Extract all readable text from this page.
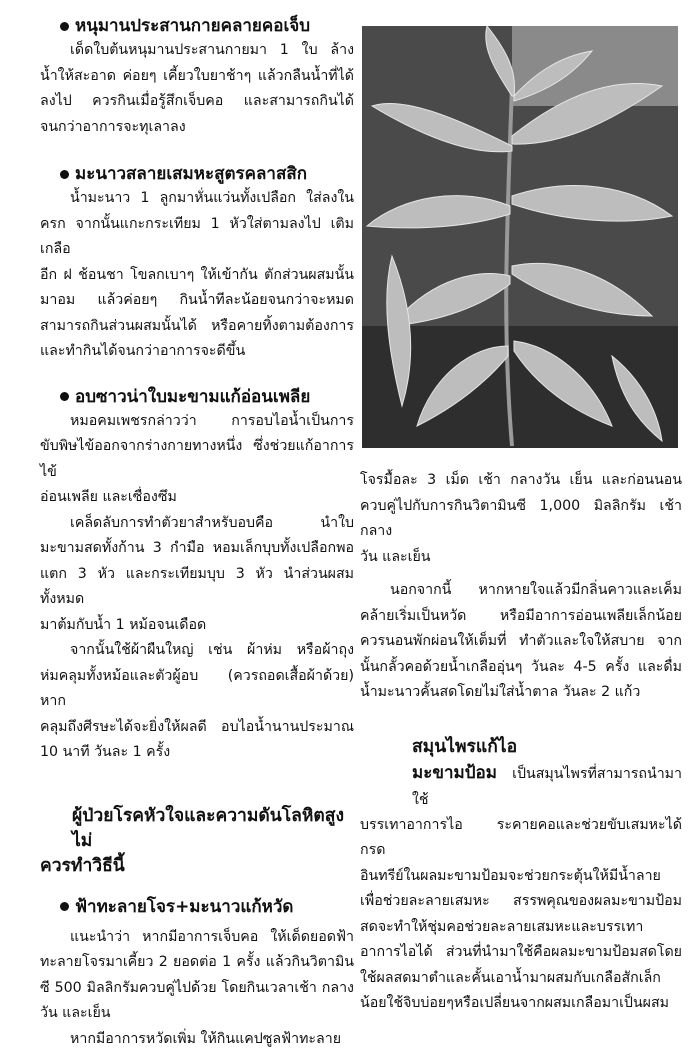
หนุมานประสานกายคลายคอเจ็บ

เด็ดใบต้นหนุมานประสานกายมา 1 ใบ ล้าง
น้ำให้สะอาด ค่อยๆ เคี้ยวใบยาช้าๆ แล้วกลืนน้ำที่ได้
ลงไป ควรกินเมื่อรู้สึกเจ็บคอ และสามารถกินได้
จนกว่าอาการจะทุเลาลง

มะนาวสลายเสมหะสูตรคลาสสิก

น้ำมะนาว 1 ลูกมาหั่นแว่นทั้งเปลือก ใส่ลงใน
ครก จากนั้นแกะกระเทียม 1 หัวใส่ตามลงไป เติมเกลือ
อีก ฝ ช้อนชา โขลกเบาๆ ให้เข้ากัน ตักส่วนผสมนั้น
มาอม แล้วค่อยๆ กินน้ำทีละน้อยจนกว่าจะหมด
สามารถกินส่วนผสมนั้นได้ หรือคายทิ้งตามต้องการ
และทำกินได้จนกว่าอาการจะดีขึ้น

อบซาวน่าใบมะขามแก้อ่อนเพลีย

หมอคมเพชรกล่าวว่า การอบไอน้ำเป็นการ
ขับพิษไข้ออกจากร่างกายทางหนึ่ง ซึ่งช่วยแก้อาการไข้
อ่อนเพลีย และเซื่องซึม
เคล็ดลับการทำตัวยาสำหรับอบคือ นำใบ
มะขามสดทั้งก้าน 3 กำมือ หอมเล็กบุบทั้งเปลือกพอ
แตก 3 หัว และกระเทียมบุบ 3 หัว นำส่วนผสมทั้งหมด
มาต้มกับน้ำ 1 หม้อจนเดือด
จากนั้นใช้ผ้าผืนใหญ่ เช่น ผ้าห่ม หรือผ้าถุง
ห่มคลุมทั้งหม้อและตัวผู้อบ (ควรถอดเสื้อผ้าด้วย) หาก
คลุมถึงศีรษะได้จะยิ่งให้ผลดี อบไอน้ำนานประมาณ
10 นาที วันละ 1 ครั้ง

ผู้ป่วยโรคหัวใจและความดันโลหิตสูงไม่

ควรทำวิธีนี้

ฟ้าทะลายโจร+มะนาวแก้หวัด

แนะนำว่า หากมีอาการเจ็บคอ ให้เด็ดยอดฟ้า
ทะลายโจรมาเคี้ยว 2 ยอดต่อ 1 ครั้ง แล้วกินวิตามิน
ซี 500 มิลลิกรัมควบคู่ไปด้วย โดยกินเวลาเช้า กลาง
วัน และเย็น
หากมีอาการหวัดเพิ่ม ให้กินแคปซูลฟ้าทะลาย
โจรมื้อละ 3 เม็ด เช้า กลางวัน เย็น และก่อนนอน
ควบคู่ไปกับการกินวิตามินซี 1,000 มิลลิกรัม เช้า กลาง
วัน และเย็น
นอกจากนี้ หากหายใจแล้วมีกลิ่นคาวและเค็ม
คล้ายเริ่มเป็นหวัด หรือมีอาการอ่อนเพลียเล็กน้อย
ควรนอนพักผ่อนให้เต็มที่ ทำตัวและใจให้สบาย จาก
นั้นกลั้วคอด้วยน้ำเกลืออุ่นๆ วันละ 4-5 ครั้ง และดื่ม
น้ำมะนาวคั้นสดโดยไม่ใส่น้ำตาล วันละ 2 แก้ว

สมุนไพรแก้ไอ

มะขามป้อม เป็นสมุนไพรที่สามารถนำมาใช้

บรรเทาอาการไอ ระคายคอและช่วยขับเสมหะได้ กรด
อินทรีย์ในผลมะขามป้อมจะช่วยกระตุ้นให้มีน้ำลาย
เพื่อช่วยละลายเสมหะ สรรพคุณของผลมะขามป้อม
สดจะทำให้ชุ่มคอช่วยละลายเสมหะและบรรเทา
อาการไอได้ ส่วนที่นำมาใช้คือผลมะขามป้อมสดโดย
ใช้ผลสดมาตำและคั้นเอาน้ำมาผสมกับเกลือสักเล็ก
น้อยใช้จิบบ่อยๆหรือเปลี่ยนจากผสมเกลือมาเป็นผสม
